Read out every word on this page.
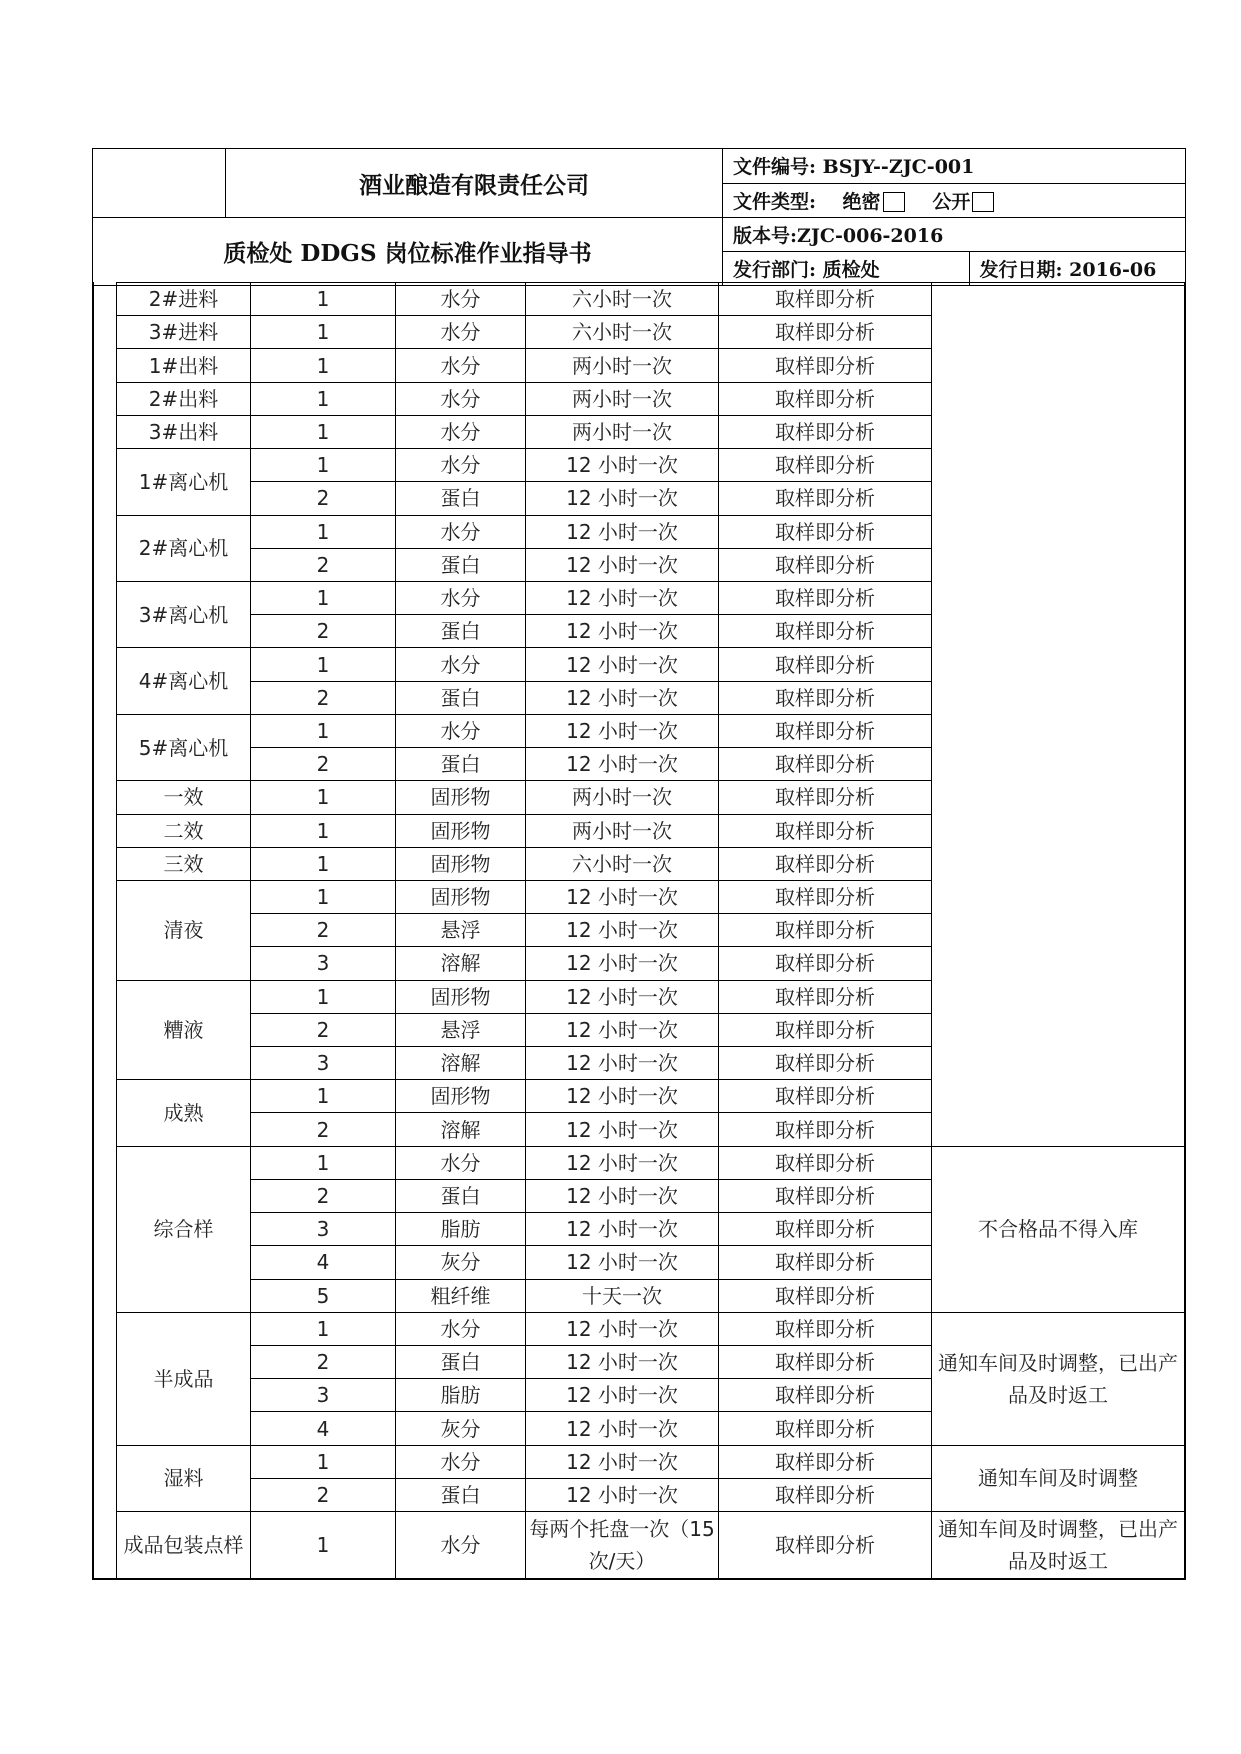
	酒业酿造有限责任公司	
文件编号: BSJY--ZJC-001
文件类型: 绝密	公开

质检处 DDGS 岗位标准作业指导书	
版本号:ZJC-006-2016

发行部门: 质检处	发行日期: 2016-06
2#进料	1	水分	六小时一次	取样即分析	
3#进料	1	水分	六小时一次	取样即分析	
1#出料	1	水分	两小时一次	取样即分析	
2#出料	1	水分	两小时一次	取样即分析	
3#出料	1	水分	两小时一次	取样即分析	
1#离心机	1	水分	12 小时一次	取样即分析	
	2	蛋白	12 小时一次	取样即分析	
2#离心机	1	水分	12 小时一次	取样即分析	
	2	蛋白	12 小时一次	取样即分析	
3#离心机	1	水分	12 小时一次	取样即分析	
	2	蛋白	12 小时一次	取样即分析	
4#离心机	1	水分	12 小时一次	取样即分析	
	2	蛋白	12 小时一次	取样即分析	
5#离心机	1	水分	12 小时一次	取样即分析	
	2	蛋白	12 小时一次	取样即分析	
一效	1	固形物	两小时一次	取样即分析	
二效	1	固形物	两小时一次	取样即分析	
三效	1	固形物	六小时一次	取样即分析	
清夜	1	固形物	12 小时一次	取样即分析	
	2	悬浮	12 小时一次	取样即分析	
	3	溶解	12 小时一次	取样即分析	
糟液	1	固形物	12 小时一次	取样即分析	
	2	悬浮	12 小时一次	取样即分析	
	3	溶解	12 小时一次	取样即分析	
成熟	1	固形物	12 小时一次	取样即分析	
	2	溶解	12 小时一次	取样即分析	
综合样	1	水分	12 小时一次	取样即分析	不合格品不得入库
	2	蛋白	12 小时一次	取样即分析	
	3	脂肪	12 小时一次	取样即分析	
	4	灰分	12 小时一次	取样即分析	
	5	粗纤维	十天一次	取样即分析	
半成品	1	水分	12 小时一次	取样即分析	通知车间及时调整，已出产品及时返工
	2	蛋白	12 小时一次	取样即分析	
	3	脂肪	12 小时一次	取样即分析	
	4	灰分	12 小时一次	取样即分析	
湿料	1	水分	12 小时一次	取样即分析	通知车间及时调整
	2	蛋白	12 小时一次	取样即分析	
成品包装点样	1	水分	每两个托盘一次（15 次/天）	取样即分析	通知车间及时调整，已出产品及时返工
